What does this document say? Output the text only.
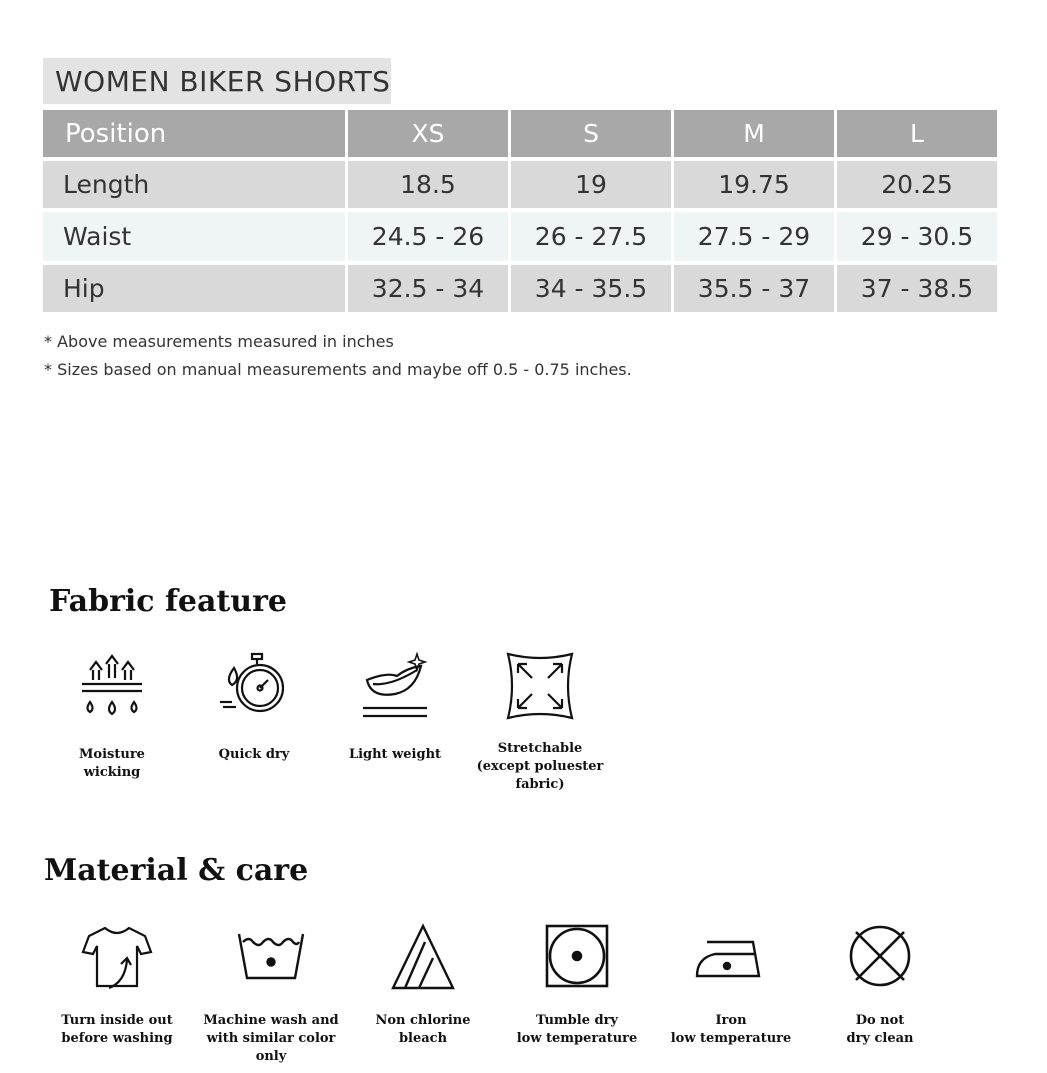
WOMEN BIKER SHORTS
Position	XS	S	M	L
Length	18.5	19	19.75	20.25
Waist	24.5 - 26	26 - 27.5	27.5 - 29	29 - 30.5
Hip	32.5 - 34	34 - 35.5	35.5 - 37	37 - 38.5
* Above measurements measured in inches
* Sizes based on manual measurements and maybe off 0.5 - 0.75 inches.
Fabric feature
Moisture wicking
Quick dry	Light weight	Stretchable
(except poluester fabric)
Material & care
Turn inside out
before washing
Machine wash and
with similar color only
Non chlorine
bleach
Tumble dry
low temperature
Iron
low temperature
Do not
dry clean
